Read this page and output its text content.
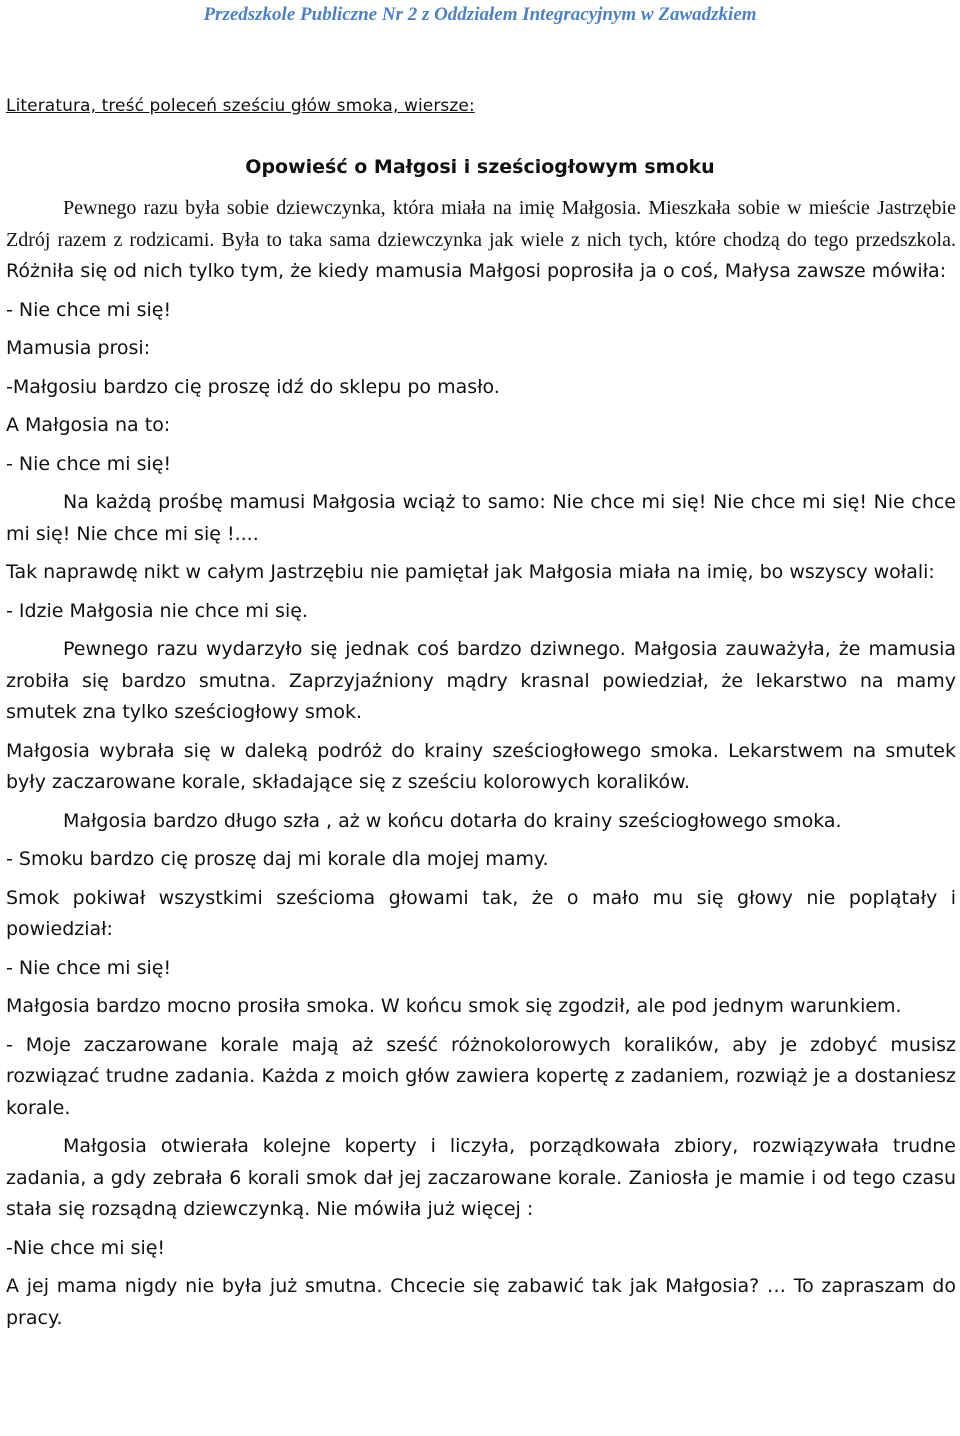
Przedszkole Publiczne Nr 2 z Oddziałem Integracyjnym w Zawadzkiem
Literatura, treść poleceń sześciu głów smoka, wiersze:
Opowieść o Małgosi i sześciogłowym smoku

Pewnego razu była sobie dziewczynka, która miała na imię Małgosia. Mieszkała sobie w mieście Jastrzębie Zdrój razem z rodzicami. Była to taka sama dziewczynka jak wiele z nich tych, które chodzą do tego przedszkola. Różniła się od nich tylko tym, że kiedy mamusia Małgosi poprosiła ja o coś, Małysa zawsze mówiła:

- Nie chce mi się!

Mamusia prosi:

-Małgosiu bardzo cię proszę idź do sklepu po masło.

A Małgosia na to:

- Nie chce mi się!

Na każdą prośbę mamusi Małgosia wciąż to samo: Nie chce mi się! Nie chce mi się! Nie chce mi się! Nie chce mi się !....

Tak naprawdę nikt w całym Jastrzębiu nie pamiętał jak Małgosia miała na imię, bo wszyscy wołali:

- Idzie Małgosia nie chce mi się.

Pewnego razu wydarzyło się jednak coś bardzo dziwnego. Małgosia zauważyła, że mamusia zrobiła się bardzo smutna. Zaprzyjaźniony mądry krasnal powiedział, że lekarstwo na mamy smutek zna tylko sześciogłowy smok.

Małgosia wybrała się w daleką podróż do krainy sześciogłowego smoka. Lekarstwem na smutek były zaczarowane korale, składające się z sześciu kolorowych koralików.

Małgosia bardzo długo szła , aż w końcu dotarła do krainy sześciogłowego smoka.

- Smoku bardzo cię proszę daj mi korale dla mojej mamy.

Smok pokiwał wszystkimi sześcioma głowami tak, że o mało mu się głowy nie poplątały i powiedział:

- Nie chce mi się!

Małgosia bardzo mocno prosiła smoka. W końcu smok się zgodził, ale pod jednym warunkiem.

- Moje zaczarowane korale mają aż sześć różnokolorowych koralików, aby je zdobyć musisz rozwiązać trudne zadania. Każda z moich głów zawiera kopertę z zadaniem, rozwiąż je a dostaniesz korale.

Małgosia otwierała kolejne koperty i liczyła, porządkowała zbiory, rozwiązywała trudne zadania, a gdy zebrała 6 korali smok dał jej zaczarowane korale. Zaniosła je mamie i od tego czasu stała się rozsądną dziewczynką. Nie mówiła już więcej :

-Nie chce mi się!

A jej mama nigdy nie była już smutna. Chcecie się zabawić tak jak Małgosia? … To zapraszam do pracy.
